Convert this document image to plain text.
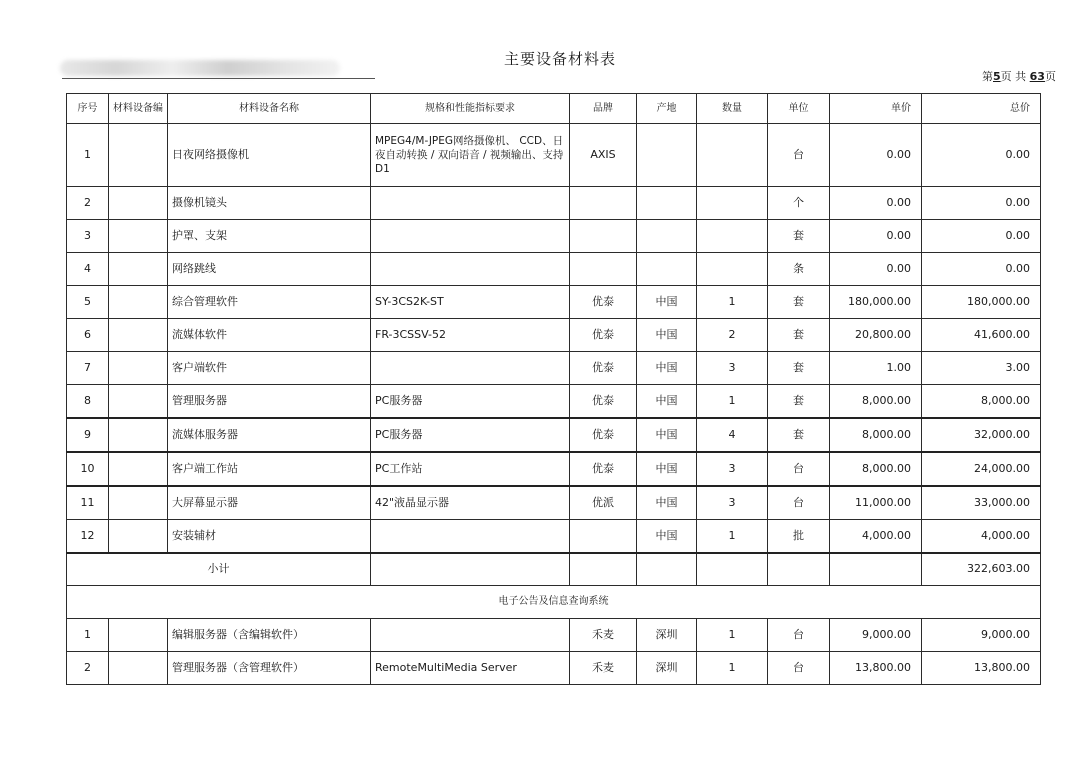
主要设备材料表
第5页 共 63页
序号	材料设备编	材料设备名称	规格和性能指标要求	品牌	产地	数量	单位	单价	总价
1		日夜网络摄像机	MPEG4/M-JPEG网络摄像机、 CCD、日夜自动转换 / 双向语音 / 视频输出、支持 D1	AXIS			台	0.00	0.00
2		摄像机镜头					个	0.00	0.00
3		护罩、支架					套	0.00	0.00
4		网络跳线					条	0.00	0.00
5		综合管理软件	SY-3CS2K-ST	优泰	中国	1	套	180,000.00	180,000.00
6		流媒体软件	FR-3CSSV-52	优泰	中国	2	套	20,800.00	41,600.00
7		客户端软件		优泰	中国	3	套	1.00	3.00
8		管理服务器	PC服务器	优泰	中国	1	套	8,000.00	8,000.00
9		流媒体服务器	PC服务器	优泰	中国	4	套	8,000.00	32,000.00
10		客户端工作站	PC工作站	优泰	中国	3	台	8,000.00	24,000.00
11		大屏幕显示器	42"液晶显示器	优派	中国	3	台	11,000.00	33,000.00
12		安装辅材			中国	1	批	4,000.00	4,000.00
小计									322,603.00
电子公告及信息查询系统									
1		编辑服务器（含编辑软件）		禾麦	深圳	1	台	9,000.00	9,000.00
2		管理服务器（含管理软件）	RemoteMultiMedia Server	禾麦	深圳	1	台	13,800.00	13,800.00
